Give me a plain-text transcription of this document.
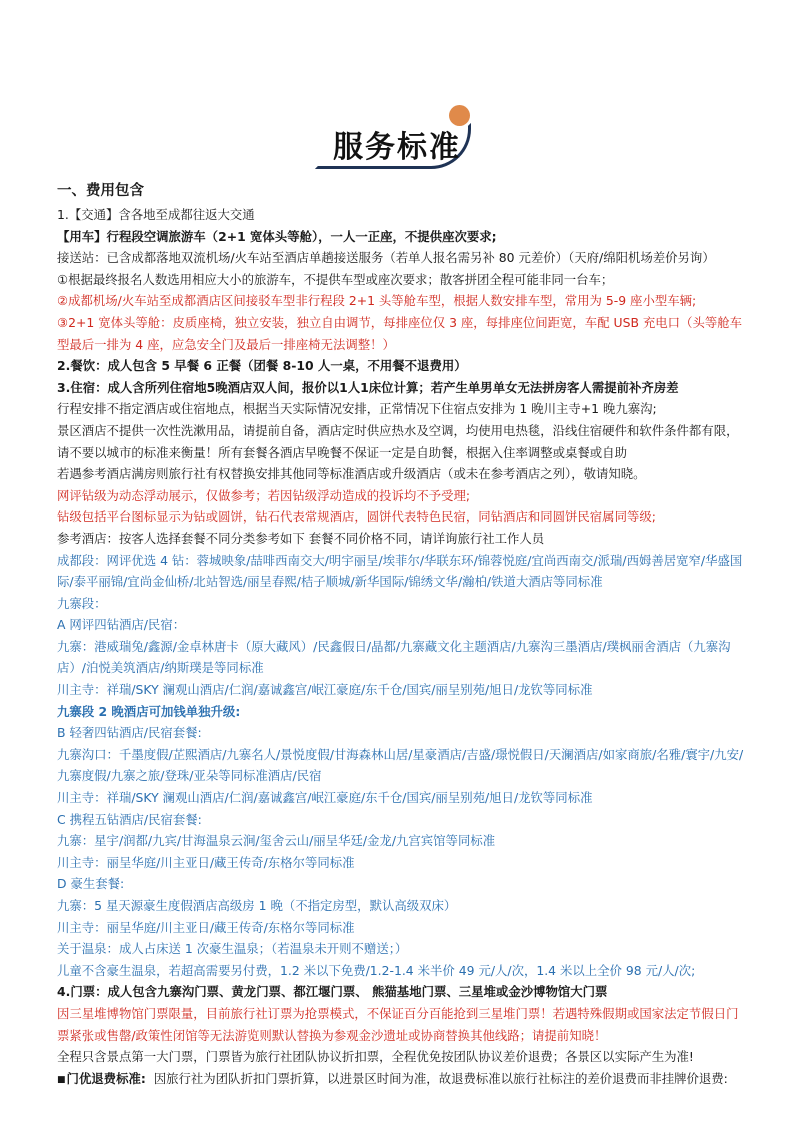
服务标准
一、费用包含
1.【交通】含各地至成都往返大交通
【用车】行程段空调旅游车（2+1 宽体头等舱），一人一正座，不提供座次要求;
接送站：已含成都落地双流机场/火车站至酒店单趟接送服务（若单人报名需另补 80 元差价）（天府/绵阳机场差价另询）
①根据最终报名人数选用相应大小的旅游车，不提供车型或座次要求；散客拼团全程可能非同一台车；
②成都机场/火车站至成都酒店区间接驳车型非行程段 2+1 头等舱车型，根据人数安排车型，常用为 5-9 座小型车辆;
③2+1 宽体头等舱：皮质座椅，独立安装，独立自由调节，每排座位仅 3 座，每排座位间距宽，车配 USB 充电口（头等舱车型最后一排为 4 座，应急安全门及最后一排座椅无法调整！）
2.餐饮：成人包含 5 早餐 6 正餐（团餐 8-10 人一桌，不用餐不退费用）
3.住宿：成人含所列住宿地5晚酒店双人间，报价以1人1床位计算；若产生单男单女无法拼房客人需提前补齐房差
行程安排不指定酒店或住宿地点，根据当天实际情况安排，正常情况下住宿点安排为 1 晚川主寺+1 晚九寨沟;
景区酒店不提供一次性洗漱用品，请提前自备，酒店定时供应热水及空调，均使用电热毯，沿线住宿硬件和软件条件都有限，请不要以城市的标准来衡量！所有套餐各酒店早晚餐不保证一定是自助餐，根据入住率调整或桌餐或自助
若遇参考酒店满房则旅行社有权替换安排其他同等标准酒店或升级酒店（或未在参考酒店之列），敬请知晓。
网评钻级为动态浮动展示，仅做参考；若因钻级浮动造成的投诉均不予受理;
钻级包括平台图标显示为钻或圆饼，钻石代表常规酒店，圆饼代表特色民宿，同钻酒店和同圆饼民宿属同等级;
参考酒店：按客人选择套餐不同分类参考如下 套餐不同价格不同，请详询旅行社工作人员
成都段：网评优选 4 钻：蓉城映象/喆啡西南交大/明宇丽呈/埃菲尔/华联东环/锦蓉悦庭/宜尚西南交/派瑞/西姆善居宽窄/华盛国际/泰平丽锦/宜尚金仙桥/北站智选/丽呈春熙/桔子顺城/新华国际/锦绣文华/瀚柏/铁道大酒店等同标准
九寨段：
A 网评四钻酒店/民宿：
九寨：港威瑞兔/鑫源/金卓林唐卡（原大藏风）/民鑫假日/晶都/九寨藏文化主题酒店/九寨沟三墨酒店/璞枫丽舍酒店（九寨沟店）/泊悦美筑酒店/纳斯璞是等同标准
川主寺：祥瑞/SKY 澜观山酒店/仁润/嘉诚鑫宫/岷江豪庭/东千仓/国宾/丽呈别苑/旭日/龙钦等同标准
九寨段 2 晚酒店可加钱单独升级:
B 轻奢四钻酒店/民宿套餐:
九寨沟口：千墨度假/芷熙酒店/九寨名人/景悦度假/甘海森林山居/星豪酒店/吉盛/璟悦假日/天澜酒店/如家商旅/名雅/寰宇/九安/九寨度假/九寨之旅/登珠/亚朵等同标准酒店/民宿
川主寺：祥瑞/SKY 澜观山酒店/仁润/嘉诚鑫宫/岷江豪庭/东千仓/国宾/丽呈别苑/旭日/龙钦等同标准
C 携程五钻酒店/民宿套餐:
九寨：星宇/润都/九宾/甘海温泉云涧/玺舍云山/丽呈华廷/金龙/九宫宾馆等同标准
川主寺：丽呈华庭/川主亚日/藏王传奇/东格尔等同标准
D 豪生套餐:
九寨：5 星天源豪生度假酒店高级房 1 晚（不指定房型，默认高级双床）
川主寺：丽呈华庭/川主亚日/藏王传奇/东格尔等同标准
关于温泉：成人占床送 1 次豪生温泉；（若温泉未开则不赠送；）
儿童不含豪生温泉，若超高需要另付费，1.2 米以下免费/1.2-1.4 米半价 49 元/人/次，1.4 米以上全价 98 元/人/次;
4.门票：成人包含九寨沟门票、黄龙门票、都江堰门票、 熊猫基地门票、三星堆或金沙博物馆大门票
因三星堆博物馆门票限量，目前旅行社订票为抢票模式，不保证百分百能抢到三星堆门票！若遇特殊假期或国家法定节假日门票紧张或售罄/政策性闭馆等无法游览则默认替换为参观金沙遗址或协商替换其他线路；请提前知晓！
全程只含景点第一大门票，门票皆为旅行社团队协议折扣票，全程优免按团队协议差价退费；各景区以实际产生为准!
■门优退费标准: 因旅行社为团队折扣门票折算，以进景区时间为准，故退费标准以旅行社标注的差价退费而非挂牌价退费:
